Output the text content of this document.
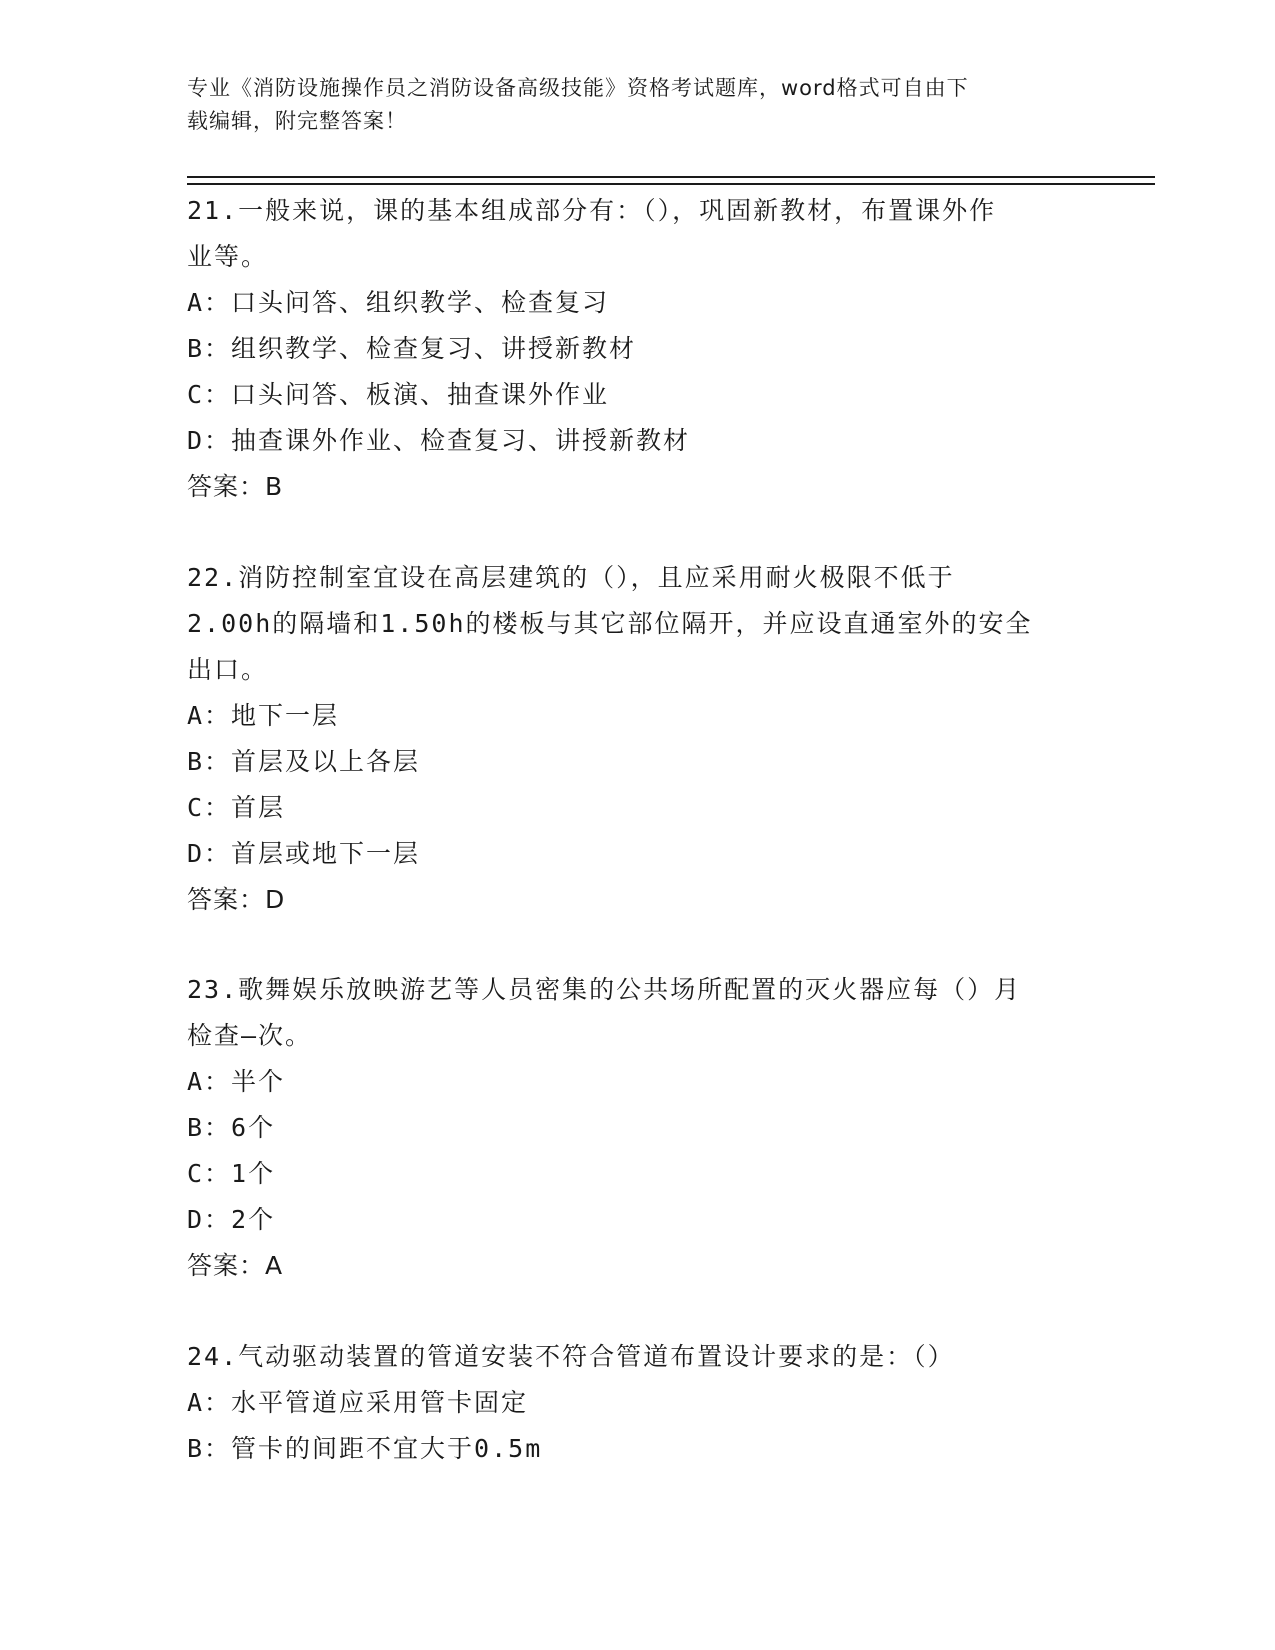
专业《消防设施操作员之消防设备高级技能》资格考试题库，word格式可自由下
载编辑，附完整答案！

21.一般来说，课的基本组成部分有：（），巩固新教材，布置课外作

业等。

A：口头问答、组织教学、检查复习
B：组织教学、检查复习、讲授新教材
C：口头问答、板演、抽查课外作业
D：抽查课外作业、检查复习、讲授新教材

答案：B

22.消防控制室宜设在高层建筑的（），且应采用耐火极限不低于

2.00h的隔墙和1.50h的楼板与其它部位隔开，并应设直通室外的安全

出口。

A：地下一层
B：首层及以上各层
C：首层
D：首层或地下一层

答案：D

23.歌舞娱乐放映游艺等人员密集的公共场所配置的灭火器应每（）月

检查—次。

A：半个
B：6个
C：1个
D：2个

答案：A

24.气动驱动装置的管道安装不符合管道布置设计要求的是：（）

A：水平管道应采用管卡固定
B：管卡的间距不宜大于0.5m
